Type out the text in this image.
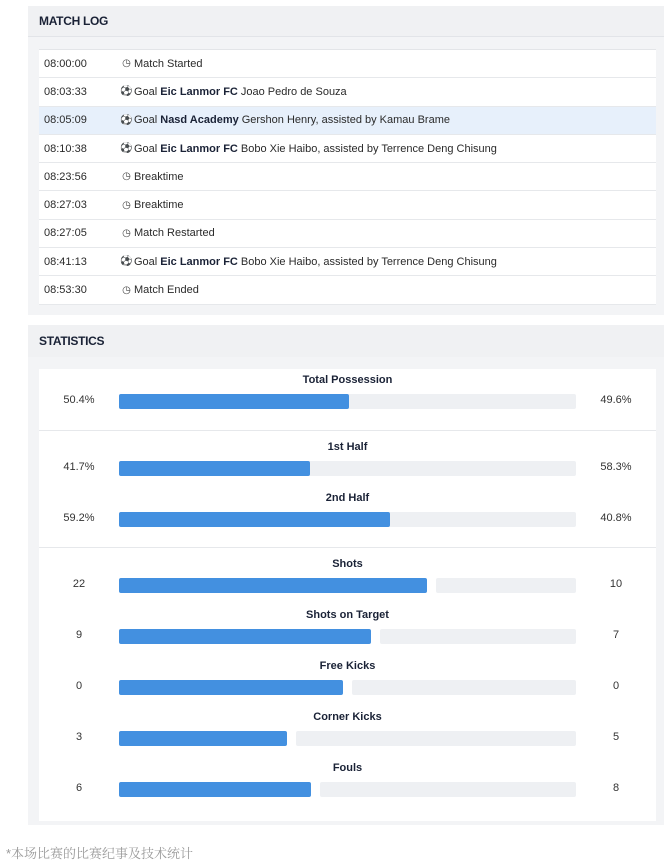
MATCH LOG
08:00:00	◷ Match Started
08:03:33	⚽ Goal Eic Lanmor FC Joao Pedro de Souza
08:05:09	⚽ Goal Nasd Academy Gershon Henry, assisted by Kamau Brame
08:10:38	⚽ Goal Eic Lanmor FC Bobo Xie Haibo, assisted by Terrence Deng Chisung
08:23:56	◷ Breaktime
08:27:03	◷ Breaktime
08:27:05	◷ Match Restarted
08:41:13	⚽ Goal Eic Lanmor FC Bobo Xie Haibo, assisted by Terrence Deng Chisung
08:53:30	◷ Match Ended
STATISTICS
Total Possession
50.4%	49.6%
1st Half
41.7%	58.3%
2nd Half
59.2%	40.8%
Shots
22	10
Shots on Target
9	7
Free Kicks
0	0
Corner Kicks
3	5
Fouls
6	8
*本场比赛的比赛纪事及技术统计
